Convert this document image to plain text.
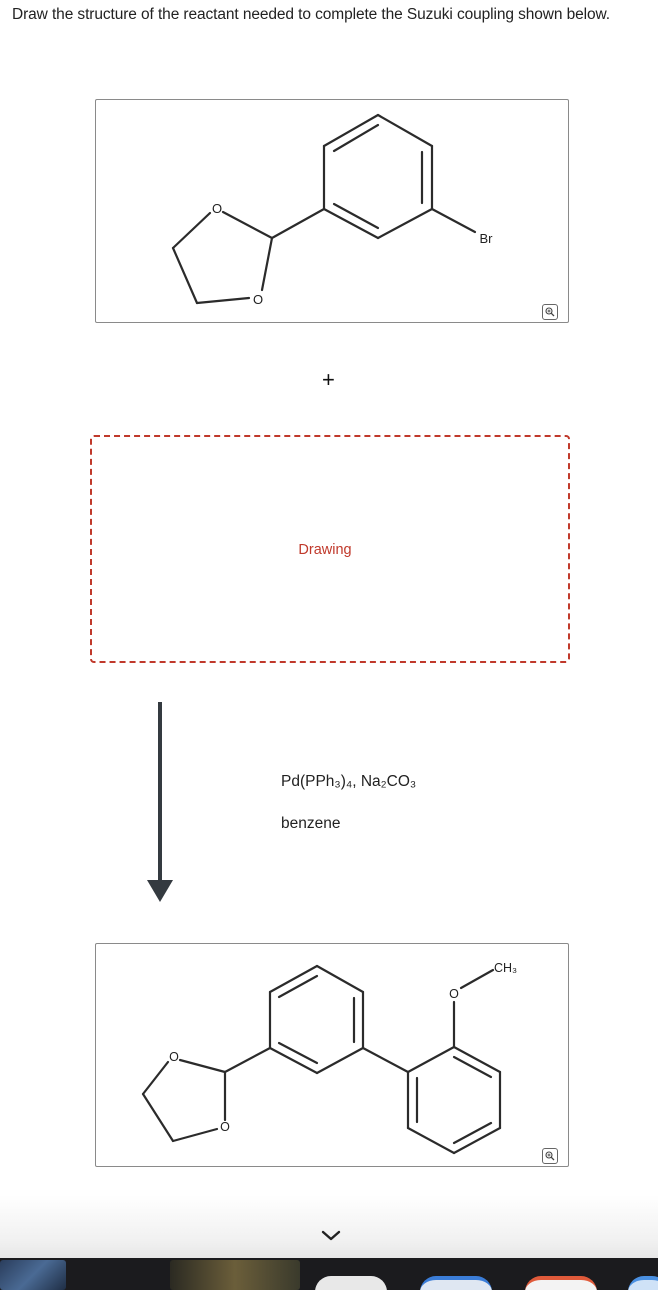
Draw the structure of the reactant needed to complete the Suzuki coupling shown below.
O
O
Br
+
Drawing
Pd(PPh₃)₄, Na₂CO₃
benzene
O
O
O
CH₃
